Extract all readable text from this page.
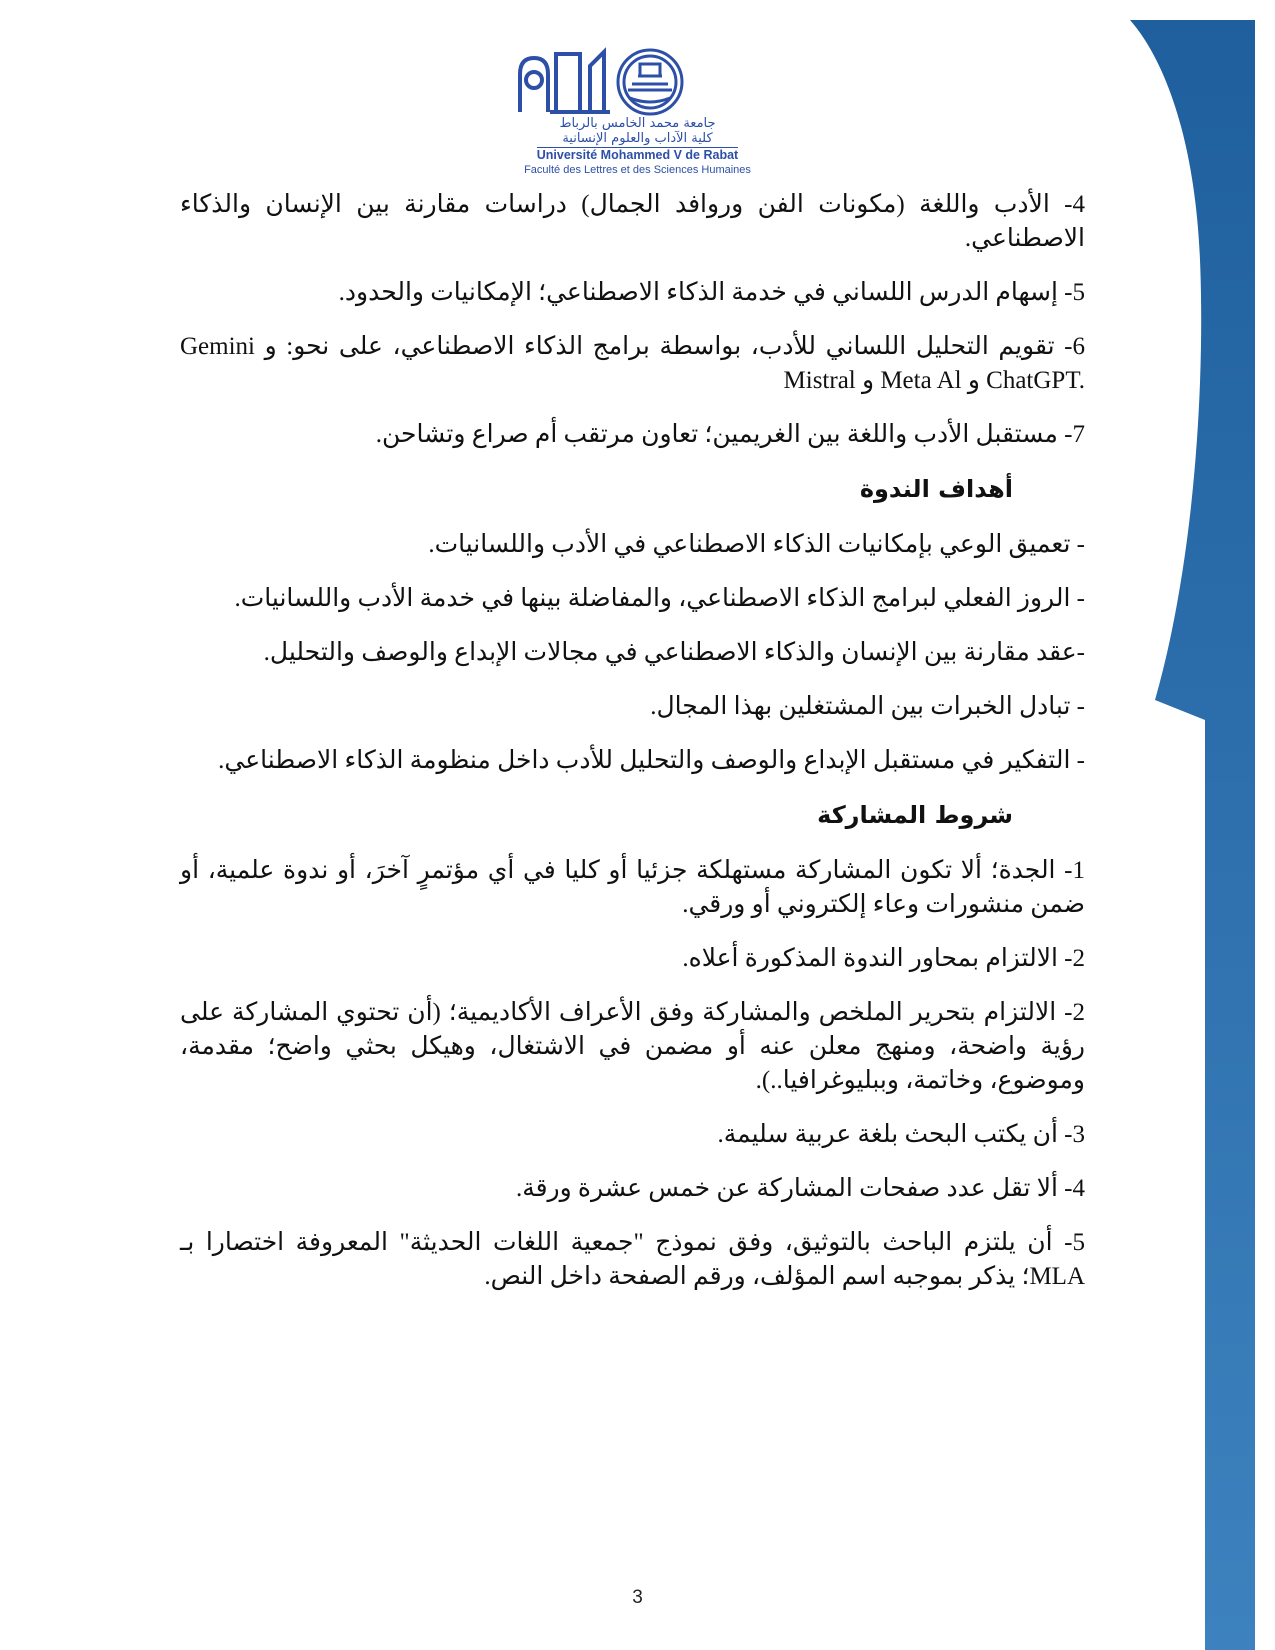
جامعة محمد الخامس بالرباط
كلية الآداب والعلوم الإنسانية
Université Mohammed V de Rabat
Faculté des Lettres et des Sciences Humaines

4- الأدب واللغة (مكونات الفن وروافد الجمال) دراسات مقارنة بين الإنسان والذكاء الاصطناعي.

5- إسهام الدرس اللساني في خدمة الذكاء الاصطناعي؛ الإمكانيات والحدود.

6- تقويم التحليل اللساني للأدب، بواسطة برامج الذكاء الاصطناعي، على نحو: Gemini و Mistral و Meta Al و ChatGPT.

7- مستقبل الأدب واللغة بين الغريمين؛ تعاون مرتقب أم صراع وتشاحن.

أهداف الندوة

- تعميق الوعي بإمكانيات الذكاء الاصطناعي في الأدب واللسانيات.

- الروز الفعلي لبرامج الذكاء الاصطناعي، والمفاضلة بينها في خدمة الأدب واللسانيات.

-عقد مقارنة بين الإنسان والذكاء الاصطناعي في مجالات الإبداع والوصف والتحليل.

- تبادل الخبرات بين المشتغلين بهذا المجال.

- التفكير في مستقبل الإبداع والوصف والتحليل للأدب داخل منظومة الذكاء الاصطناعي.

شروط المشاركة

1- الجدة؛ ألا تكون المشاركة مستهلكة جزئيا أو كليا في أي مؤتمرٍ آخرَ، أو ندوة علمية، أو ضمن منشورات وعاء إلكتروني أو ورقي.

2- الالتزام بمحاور الندوة المذكورة أعلاه.

2- الالتزام بتحرير الملخص والمشاركة وفق الأعراف الأكاديمية؛ (أن تحتوي المشاركة على رؤية واضحة، ومنهج معلن عنه أو مضمن في الاشتغال، وهيكل بحثي واضح؛ مقدمة، وموضوع، وخاتمة، وببليوغرافيا..).

3- أن يكتب البحث بلغة عربية سليمة.

4- ألا تقل عدد صفحات المشاركة عن خمس عشرة ورقة.

5- أن يلتزم الباحث بالتوثيق، وفق نموذج "جمعية اللغات الحديثة" المعروفة اختصارا بـ MLA؛ يذكر بموجبه اسم المؤلف، ورقم الصفحة داخل النص.

3
